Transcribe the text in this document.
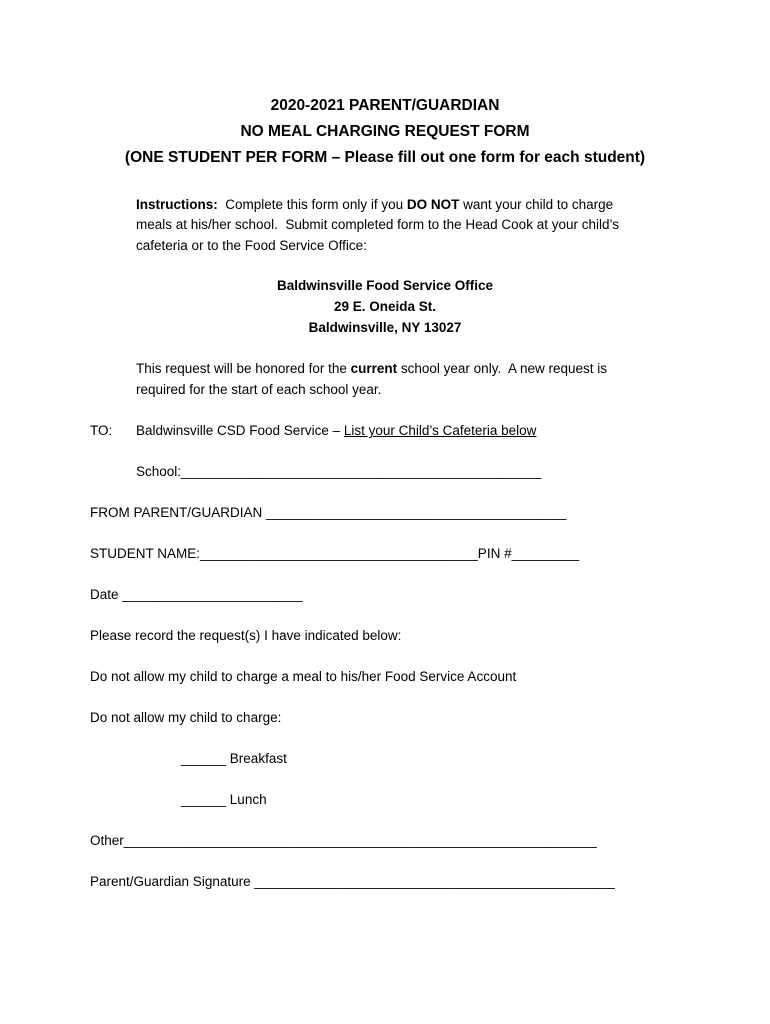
2020-2021 PARENT/GUARDIAN
NO MEAL CHARGING REQUEST FORM
(ONE STUDENT PER FORM – Please fill out one form for each student)
Instructions:  Complete this form only if you DO NOT want your child to charge
meals at his/her school.  Submit completed form to the Head Cook at your child’s
cafeteria or to the Food Service Office:
Baldwinsville Food Service Office
29 E. Oneida St.
Baldwinsville, NY 13027
This request will be honored for the current school year only.  A new request is
required for the start of each school year.
TO: Baldwinsville CSD Food Service – List your Child’s Cafeteria below
School:________________________________________________
FROM PARENT/GUARDIAN ________________________________________
STUDENT NAME:_____________________________________PIN #_________
Date ________________________
Please record the request(s) I have indicated below:
Do not allow my child to charge a meal to his/her Food Service Account
Do not allow my child to charge:
______ Breakfast
______ Lunch
Other_______________________________________________________________
Parent/Guardian Signature ________________________________________________
